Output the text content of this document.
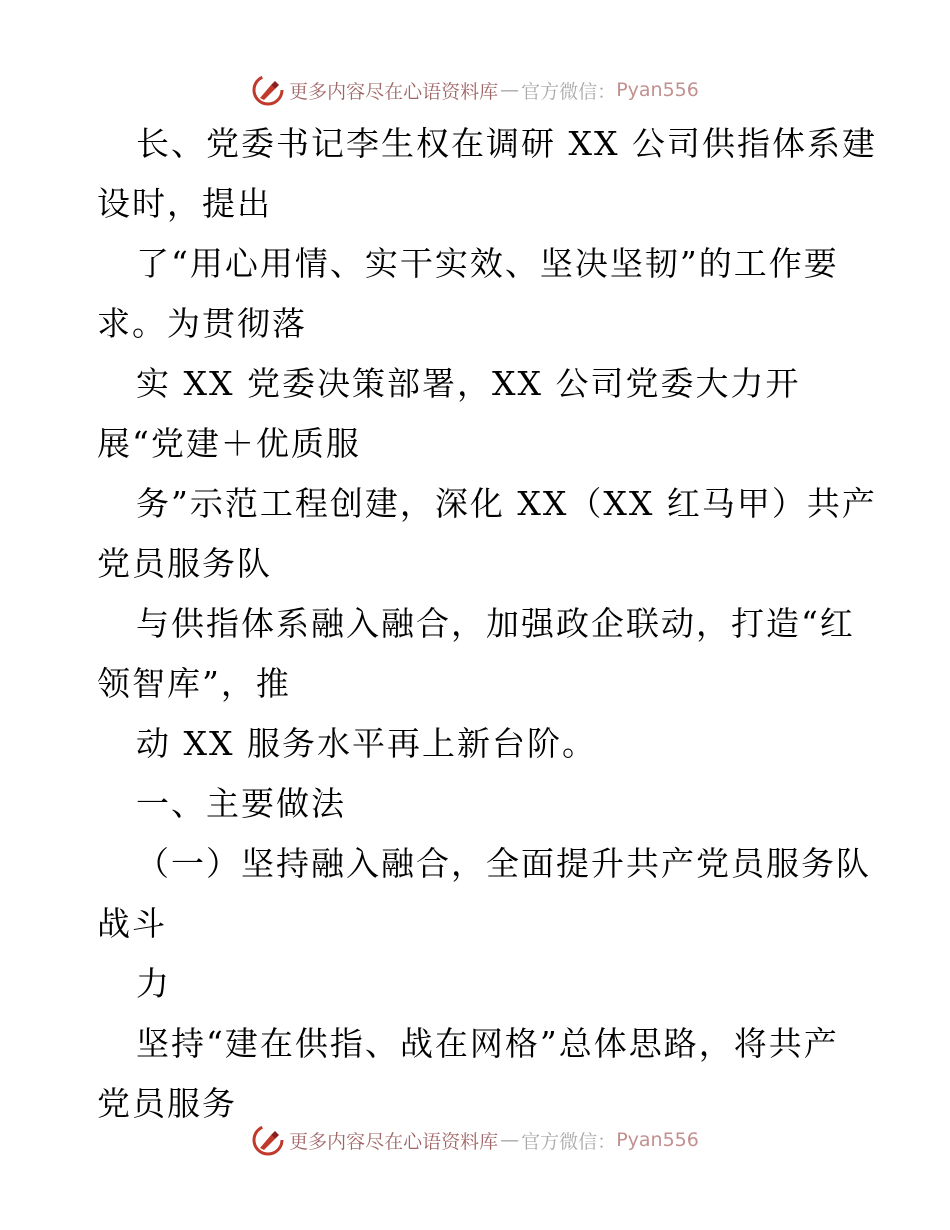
更多内容尽在心语资料库 — 官方微信： Pyan556
长、党委书记李生权在调研 XX 公司供指体系建
设时，提出
了“用心用情、实干实效、坚决坚韧”的工作要
求。为贯彻落
实 XX 党委决策部署，XX 公司党委大力开
展“党建＋优质服
务”示范工程创建，深化 XX（XX 红马甲）共产
党员服务队
与供指体系融入融合，加强政企联动，打造“红
领智库”，推
动 XX 服务水平再上新台阶。
一、主要做法
（一）坚持融入融合，全面提升共产党员服务队
战斗
力
坚持“建在供指、战在网格”总体思路，将共产
党员服务
更多内容尽在心语资料库 — 官方微信： Pyan556
